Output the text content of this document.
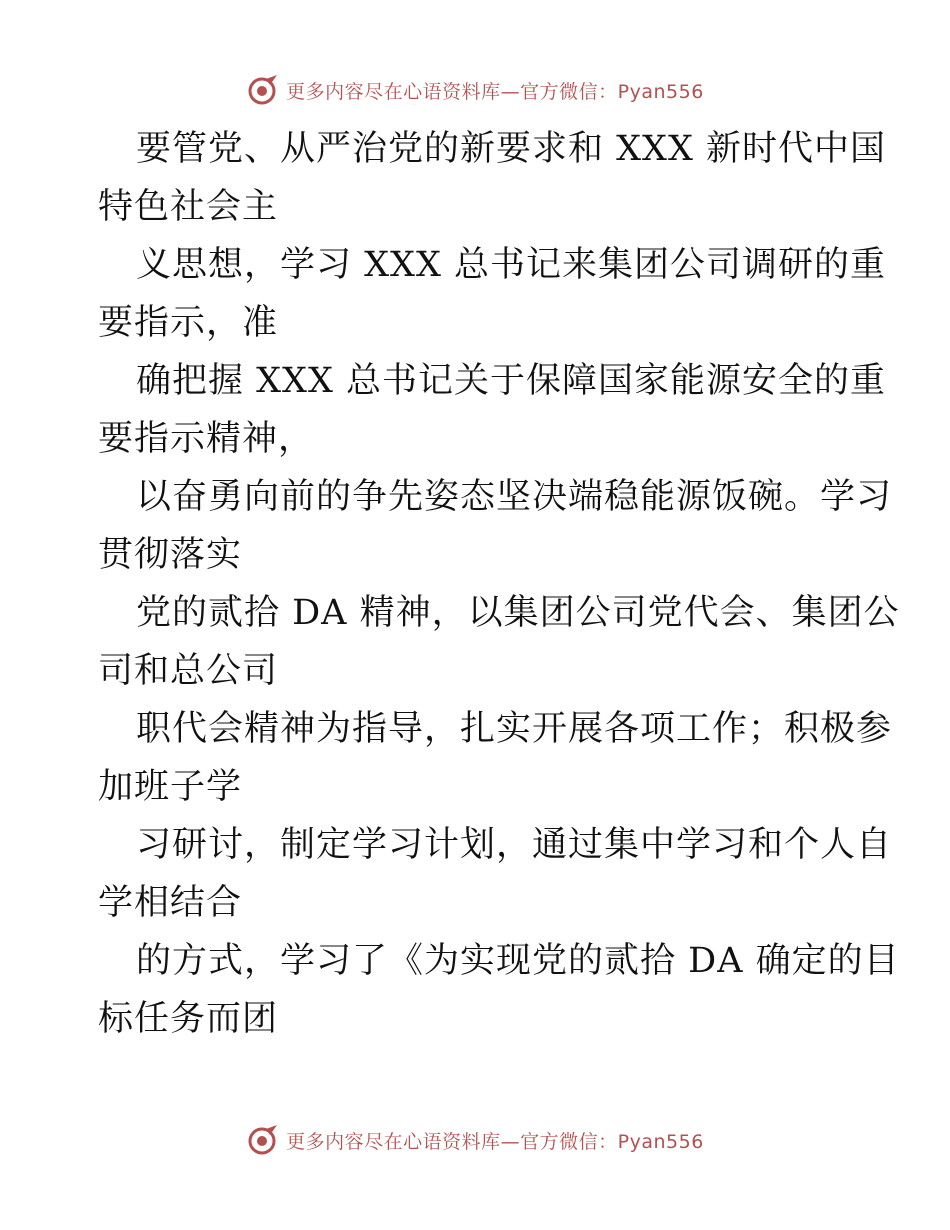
更多内容尽在心语资料库—官方微信：Pyan556

要管党、从严治党的新要求和 XXX 新时代中国
特色社会主

义思想，学习 XXX 总书记来集团公司调研的重
要指示，准

确把握 XXX 总书记关于保障国家能源安全的重
要指示精神，

以奋勇向前的争先姿态坚决端稳能源饭碗。学习
贯彻落实

党的贰拾 DA 精神，以集团公司党代会、集团公
司和总公司

职代会精神为指导，扎实开展各项工作；积极参
加班子学

习研讨，制定学习计划，通过集中学习和个人自
学相结合

的方式，学习了《为实现党的贰拾 DA 确定的目
标任务而团

更多内容尽在心语资料库—官方微信：Pyan556
